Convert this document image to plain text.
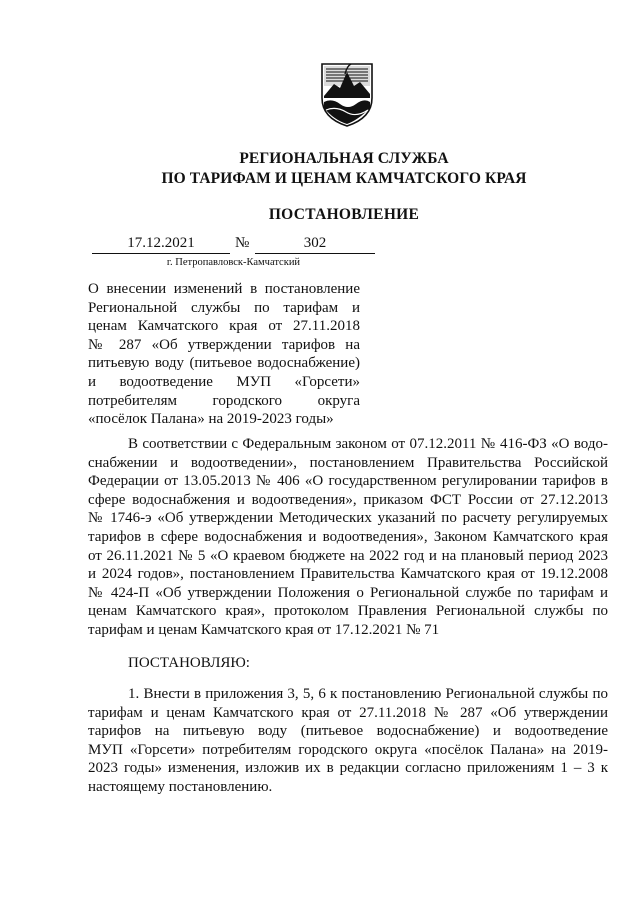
РЕГИОНАЛЬНАЯ СЛУЖБА
ПО ТАРИФАМ И ЦЕНАМ КАМЧАТСКОГО КРАЯ
ПОСТАНОВЛЕНИЕ
17.12.2021	№	302
г. Петропавловск-Камчатский
О внесении изменений в постановление
Региональной службы по тарифам и
ценам Камчатского края от 27.11.2018
№ 287 «Об утверждении тарифов на
питьевую воду (питьевое водоснабжение)
и водоотведение МУП «Горсети»
потребителям городского округа
«посёлок Палана» на 2019-2023 годы»
В соответствии с Федеральным законом от 07.12.2011 № 416-ФЗ «О водо-
снабжении и водоотведении», постановлением Правительства Российской
Федерации от 13.05.2013 № 406 «О государственном регулировании тарифов в
сфере водоснабжения и водоотведения», приказом ФСТ России от 27.12.2013
№ 1746-э «Об утверждении Методических указаний по расчету регулируемых
тарифов в сфере водоснабжения и водоотведения», Законом Камчатского края
от 26.11.2021 № 5 «О краевом бюджете на 2022 год и на плановый период 2023
и 2024 годов», постановлением Правительства Камчатского края от 19.12.2008
№ 424-П «Об утверждении Положения о Региональной службе по тарифам и
ценам Камчатского края», протоколом Правления Региональной службы по
тарифам и ценам Камчатского края от 17.12.2021 № 71
ПОСТАНОВЛЯЮ:
1. Внести в приложения 3, 5, 6 к постановлению Региональной службы по
тарифам и ценам Камчатского края от 27.11.2018 № 287 «Об утверждении
тарифов на питьевую воду (питьевое водоснабжение) и водоотведение
МУП «Горсети» потребителям городского округа «посёлок Палана» на 2019-
2023 годы» изменения, изложив их в редакции согласно приложениям 1 – 3 к
настоящему постановлению.
